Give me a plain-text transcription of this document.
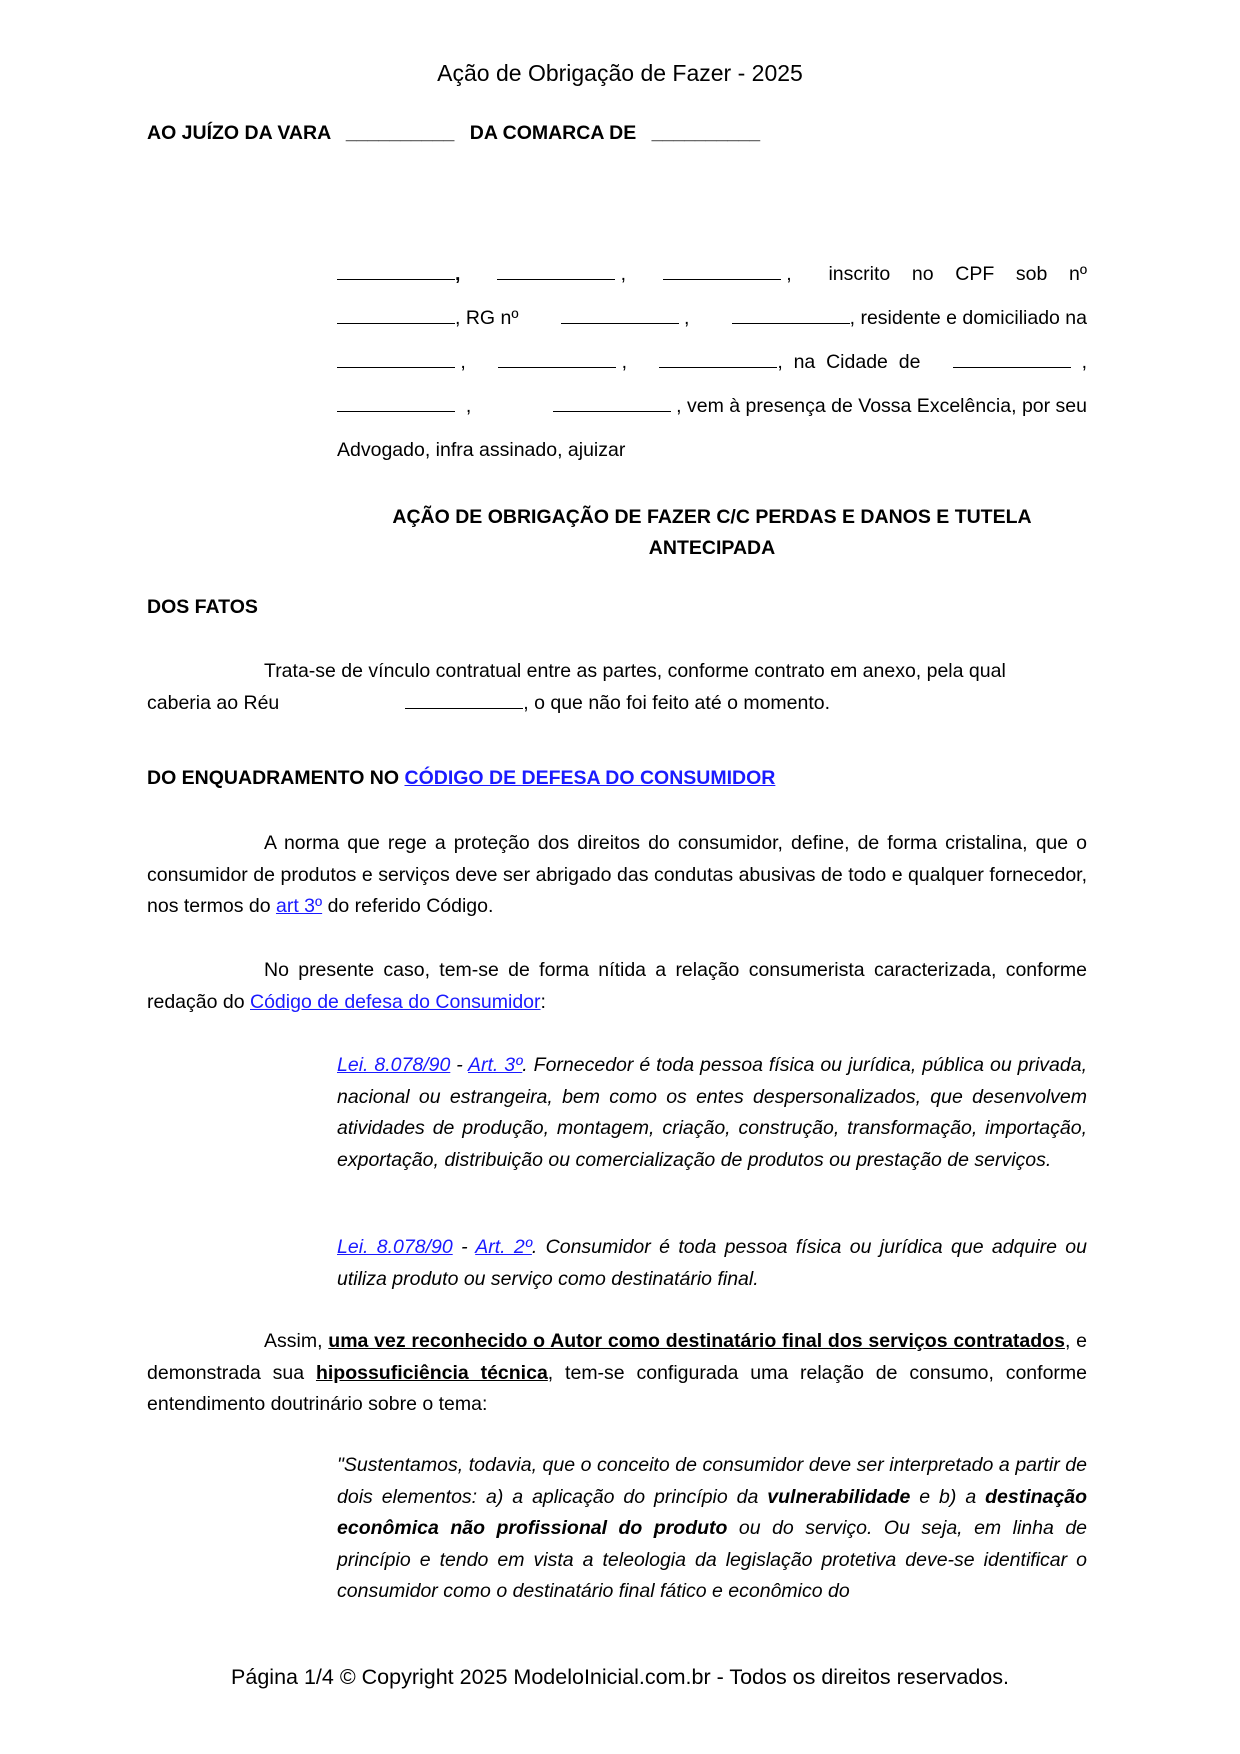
Ação de Obrigação de Fazer - 2025
AO JUÍZO DA VARA __________ DA COMARCA DE __________
,	,	, inscrito    no    CPF    sob    nº
, RG nº	,	, residente e domiciliado na
,	,	,  na  Cidade  de	,
,	, vem à presença de Vossa Excelência, por seu
Advogado, infra assinado, ajuizar
AÇÃO DE OBRIGAÇÃO DE FAZER C/C PERDAS E DANOS E TUTELA
ANTECIPADA
DOS FATOS
Trata-se de vínculo contratual entre as partes, conforme contrato em anexo, pela qual
caberia ao Réu	, o que não foi feito até o momento.
DO ENQUADRAMENTO NO CÓDIGO DE DEFESA DO CONSUMIDOR
A norma que rege a proteção dos direitos do consumidor, define, de forma cristalina, que o consumidor de produtos e serviços deve ser abrigado das condutas abusivas de todo e qualquer fornecedor, nos termos do art 3º do referido Código.
No presente caso, tem-se de forma nítida a relação consumerista caracterizada, conforme redação do Código de defesa do Consumidor:
Lei. 8.078/90 - Art. 3º. Fornecedor é toda pessoa física ou jurídica, pública ou privada, nacional ou estrangeira, bem como os entes despersonalizados, que desenvolvem atividades de produção, montagem, criação, construção, transformação, importação, exportação, distribuição ou comercialização de produtos ou prestação de serviços.
Lei. 8.078/90 - Art. 2º. Consumidor é toda pessoa física ou jurídica que adquire ou utiliza produto ou serviço como destinatário final.
Assim, uma vez reconhecido o Autor como destinatário final dos serviços contratados, e demonstrada sua hipossuficiência técnica, tem-se configurada uma relação de consumo, conforme entendimento doutrinário sobre o tema:
"Sustentamos, todavia, que o conceito de consumidor deve ser interpretado a partir de dois elementos: a) a aplicação do princípio da vulnerabilidade e b) a destinação econômica não profissional do produto ou do serviço. Ou seja, em linha de princípio e tendo em vista a teleologia da legislação protetiva deve-se identificar o consumidor como o destinatário final fático e econômico do
Página 1/4 © Copyright 2025 ModeloInicial.com.br - Todos os direitos reservados.
